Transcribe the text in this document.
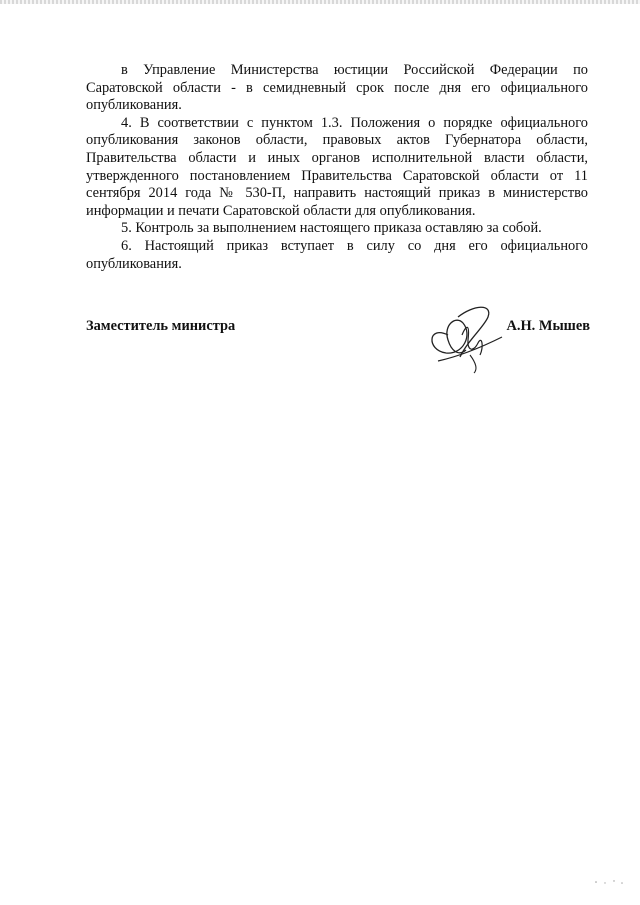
в Управление Министерства юстиции Российской Федерации по Саратовской области - в семидневный срок после дня его официального опубликования.

4. В соответствии с пунктом 1.3. Положения о порядке официального опубликования законов области, правовых актов Губернатора области, Правительства области и иных органов исполнительной власти области, утвержденного постановлением Правительства Саратовской области от 11 сентября 2014 года № 530-П, направить настоящий приказ в министерство информации и печати Саратовской области для опубликования.

5. Контроль за выполнением настоящего приказа оставляю за собой.

6. Настоящий приказ вступает в силу со дня его официального опубликования.

Заместитель министра	А.Н. Мышев
